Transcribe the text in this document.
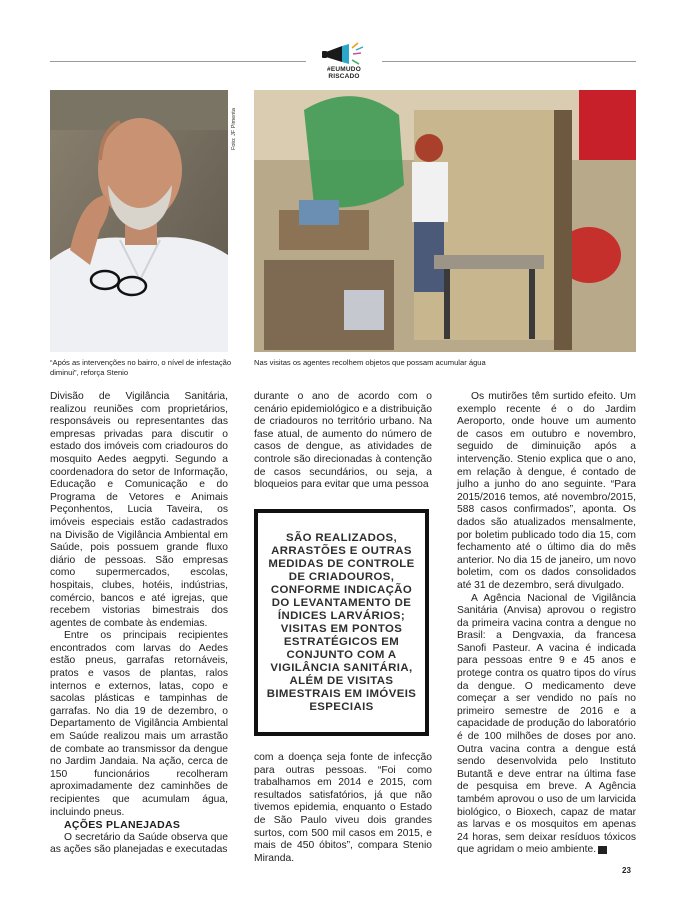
#EUMUDO
RISCADO
Foto: JF Pimenta
“Após as intervenções no bairro, o nível de infestação diminui”, reforça Stenio
Nas visitas os agentes recolhem objetos que possam acumular água

Divisão de Vigilância Sanitária, realizou reuniões com proprietários, responsáveis ou representantes das empresas privadas para discutir o estado dos imóveis com criadouros do mosquito Aedes aegpyti. Segundo a coordenadora do setor de Informação, Educação e Comunicação e do Programa de Vetores e Animais Peçonhentos, Lucia Taveira, os imóveis especiais estão cadastrados na Divisão de Vigilância Ambiental em Saúde, pois possuem grande fluxo diário de pessoas. São empresas como supermercados, escolas, hospitais, clubes, hotéis, indústrias, comércio, bancos e até igrejas, que recebem vistorias bimestrais dos agentes de combate às endemias.

Entre os principais recipientes encontrados com larvas do Aedes estão pneus, garrafas retornáveis, pratos e vasos de plantas, ralos internos e externos, latas, copo e sacolas plásticas e tampinhas de garrafas. No dia 19 de dezembro, o Departamento de Vigilância Ambiental em Saúde realizou mais um arrastão de combate ao transmissor da dengue no Jardim Jandaia. Na ação, cerca de 150 funcionários recolheram aproximadamente dez caminhões de recipientes que acumulam água, incluindo pneus.

AÇÕES PLANEJADAS

O secretário da Saúde observa que as ações são planejadas e executadas

durante o ano de acordo com o cenário epidemiológico e a distribuição de criadouros no território urbano. Na fase atual, de aumento do número de casos de dengue, as atividades de controle são direcionadas à contenção de casos secundários, ou seja, a bloqueios para evitar que uma pessoa

SÃO REALIZADOS, ARRASTÕES E OUTRAS MEDIDAS DE CONTROLE DE CRIADOUROS, CONFORME INDICAÇÃO DO LEVANTAMENTO DE ÍNDICES LARVÁRIOS; VISITAS EM PONTOS ESTRATÉGICOS EM CONJUNTO COM A VIGILÂNCIA SANITÁRIA, ALÉM DE VISITAS BIMESTRAIS EM IMÓVEIS ESPECIAIS

com a doença seja fonte de infecção para outras pessoas. “Foi como trabalhamos em 2014 e 2015, com resultados satisfatórios, já que não tivemos epidemia, enquanto o Estado de São Paulo viveu dois grandes surtos, com 500 mil casos em 2015, e mais de 450 óbitos”, compara Stenio Miranda.

Os mutirões têm surtido efeito. Um exemplo recente é o do Jardim Aeroporto, onde houve um aumento de casos em outubro e novembro, seguido de diminuição após a intervenção. Stenio explica que o ano, em relação à dengue, é contado de julho a junho do ano seguinte. “Para 2015/2016 temos, até novembro/2015, 588 casos confirmados”, aponta. Os dados são atualizados mensalmente, por boletim publicado todo dia 15, com fechamento até o último dia do mês anterior. No dia 15 de janeiro, um novo boletim, com os dados consolidados até 31 de dezembro, será divulgado.

A Agência Nacional de Vigilância Sanitária (Anvisa) aprovou o registro da primeira vacina contra a dengue no Brasil: a Dengvaxia, da francesa Sanofi Pasteur. A vacina é indicada para pessoas entre 9 e 45 anos e protege contra os quatro tipos do vírus da dengue. O medicamento deve começar a ser vendido no país no primeiro semestre de 2016 e a capacidade de produção do laboratório é de 100 milhões de doses por ano. Outra vacina contra a dengue está sendo desenvolvida pelo Instituto Butantã e deve entrar na última fase de pesquisa em breve. A Agência também aprovou o uso de um larvicida biológico, o Bioxech, capaz de matar as larvas e os mosquitos em apenas 24 horas, sem deixar resíduos tóxicos que agridam o meio ambiente.

23
